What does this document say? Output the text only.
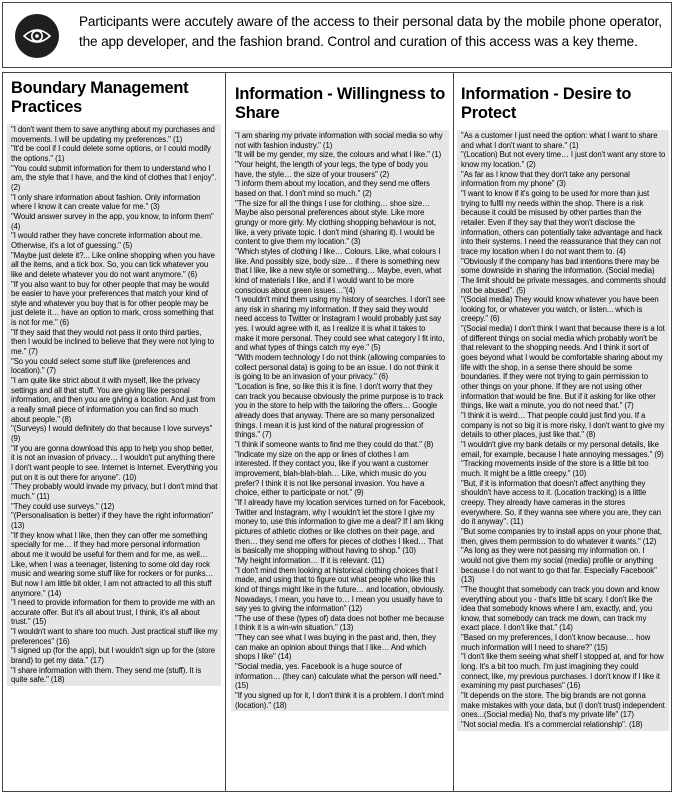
Participants were accutely aware of the access to their personal data by the mobile phone operator, the app developer, and the fashion brand. Control and curation of this access was a key theme.
Boundary Management Practices

"I don't want them to save anything about my purchases and movements. I will be updating my preferences." (1)

"It'd be cool if I could delete some options, or I could modify the options." (1)

"You could submit information for them to understand who I am, the style that I have, and the kind of clothes that I enjoy". (2)

"I only share information about fashion. Only information where I know it can create value for me." (3)

"Would answer survey in the app, you know, to inform them" (4)

"I would rather they have concrete information about me. Otherwise, it's a lot of guessing." (5)

"Maybe just delete it?... Like online shopping when you have all the items, and a tick box. So, you can tick whatever you like and delete whatever you do not want anymore." (6)

"If you also want to buy for other people that may be would be easier to have your preferences that match your kind of style and whatever you buy that is for other people may be just delete it… have an option to mark, cross something that is not for me." (6)

"If they said that they would not pass it onto third parties, then I would be inclined to believe that they were not lying to me." (7)

"So you could select some stuff like (preferences and location)." (7)

"I am quite like strict about it with myself, like the privacy settings and all that stuff. You are giving like personal information, and then you are giving a location. And just from a really small piece of information you can find so much about people." (8)

"(Surveys) I would definitely do that because I love surveys" (9)

"If you are gonna download this app to help you shop better, it is not an invasion of privacy… I wouldn't put anything there I don't want people to see. Internet is Internet. Everything you put on it is out there for anyone". (10)

"They probably would invade my privacy, but I don't mind that much." (11)

"They could use surveys." (12)

"(Personalisation is better) if they have the right information" (13)

"If they know what I like, then they can offer me something specially for me… If they had more personal information about me it would be useful for them and for me, as well… Like, when I was a teenager, listening to some old day rock music and wearing some stuff like for rockers or for punks… But now I am little bit older, I am not attracted to all this stuff anymore." (14)

"I need to provide information for them to provide me with an accurate offer. But it's all about trust, I think, it's all about trust." (15)

"I wouldn't want to share too much. Just practical stuff like my preferences" (16)

"I signed up (for the app), but I wouldn't sign up for the (store brand) to get my data." (17)

"I share information with them. They send me (stuff). It is quite safe." (18)

Information - Willingness to Share

"I am sharing my private information with social media so why not with fashion industry." (1)

"It will be my gender, my size, the colours and what I like." (1)

"Your height, the length of your legs, the type of body you have, the style… the size of your trousers" (2)

"I inform them about my location, and they send me offers based on that. I don't mind so much." (2)

"The size for all the things I use for clothing… shoe size… Maybe also personal preferences about style. Like more grungy or more girly. My clothing shopping behaviour is not, like, a very private topic. I don't mind (sharing it). I would be content to give them my location." (3)

"Which styles of clothing I like… Colours. Like, what colours I like. And possibly size, body size… if there is something new that I like, like a new style or something… Maybe, even, what kind of materials I like, and if I would want to be more conscious about green issues…"(4)

"I wouldn't mind them using my history of searches. I don't see any risk in sharing my information. If they said they would need access to Twitter or Instagram I would probably just say yes. I would agree with it, as I realize it is what it takes to make it more personal. They could see what category I fit into, and what types of things catch my eye." (5)

"With modern technology I do not think (allowing companies to collect personal data) is going to be an issue. I do not think it is going to be an invasion of your privacy." (6)

"Location is fine, so like this it is fine. I don't worry that they can track you because obviously the prime purpose is to track you in the store to help with the tailoring the offers… Google already does that anyway. There are so many personalized things. I mean it is just kind of the natural progression of things." (7)

"I think if someone wants to find me they could do that." (8)

"Indicate my size on the app or lines of clothes I am interested. If they contact you, like if you want a customer improvement, blah-blah-blah… Like, which music do you prefer? I think it is not like personal invasion. You have a choice, either to participate or not." (9)

"If I already have my location services turned on for Facebook, Twitter and Instagram, why I wouldn't let the store I give my money to, use this information to give me a deal? If I am liking pictures of athletic clothes or like clothes on their page, and then… they send me offers for pieces of clothes I liked… That is basically me shopping without having to shop." (10)

"My height information… If it is relevant. (11)

"I don't mind them looking at historical clothing choices that I made, and using that to figure out what people who like this kind of things might like in the future… and location, obviously. Nowadays, I mean, you have to… I mean you usually have to say yes to giving the information" (12)

"The use of these (types of) data does not bother me because I think it is a win-win situation." (13)

"They can see what I was buying in the past and, then, they can make an opinion about things that I like… And which shops I like" (14)

"Social media, yes. Facebook is a huge source of information… (they can) calculate what the person will need." (15)

"If you signed up for it, I don't think it is a problem. I don't mind (location)." (18)

Information - Desire to Protect

"As a customer I just need the option: what I want to share and what I don't want to share." (1)

"(Location) But not every time… I just don't want any store to know my location." (2)

"As far as I know that they don't take any personal information from my phone" (3)

"I want to know if it's going to be used for more than just trying to fulfil my needs within the shop. There is a risk because it could be misused by other parties than the retailer. Even if they say that they won't disclose the information, others can potentially take advantage and hack into their systems. I need the reassurance that they can not trace my location when I do not want them to. (4)

"Obviously if the company has bad intentions there may be some downside in sharing the information. (Social media) The limit should be private messages, and comments should not be abused". (5)

"(Social media) They would know whatever you have been looking for, or whatever you watch, or listen... which is creepy." (6)

"(Social media) I don't think I want that because there is a lot of different things on social media which probably won't be that relevant to the shopping needs. And I think it sort of goes beyond what I would be comfortable sharing about my life with the shop, in a sense there should be some boundaries. If they were not trying to gain permission to other things on your phone. If they are not using other information that would be fine. But if it asking for like other things, like wait a minute, you do not need that." (7)

"I think it is weird… That people could just find you. If a company is not so big it is more risky, I don't want to give my details to other places, just like that." (8)

"I wouldn't give my bank details or my personal details, like email, for example, because I hate annoying messages." (9)

"Tracking movements inside of the store is a little bit too much. It might be a little creepy." (10)

"But, if it is information that doesn't affect anything they shouldn't have access to it. (Location tracking) is a little creepy. They already have cameras in the stores everywhere. So, if they wanna see where you are, they can do it anyway". (11)

"But some companies try to install apps on your phone that, then, gives them permission to do whatever it wants." (12)

"As long as they were not passing my information on. I would not give them my social (media) profile or anything because I do not want to go that far. Especially Facebook" (13)

"The thought that somebody can track you down and know everything about you - that's little bit scary. I don't like the idea that somebody knows where I am, exactly, and, you know, that somebody can track me down, can track my exact place. I don't like that." (14)

"Based on my preferences, I don't know because… how much information will I need to share?" (15)

"I don't like them seeing what shelf I stopped at, and for how long. It's a bit too much. I'm just imagining they could connect, like, my previous purchases. I don't know if I like it examining my past purchases" (16)

"It depends on the store. The big brands are not gonna make mistakes with your data, but (I don't trust) independent ones...(Social media) No, that's my private life" (17)

"Not social media. It's a commercial relationship". (18)
